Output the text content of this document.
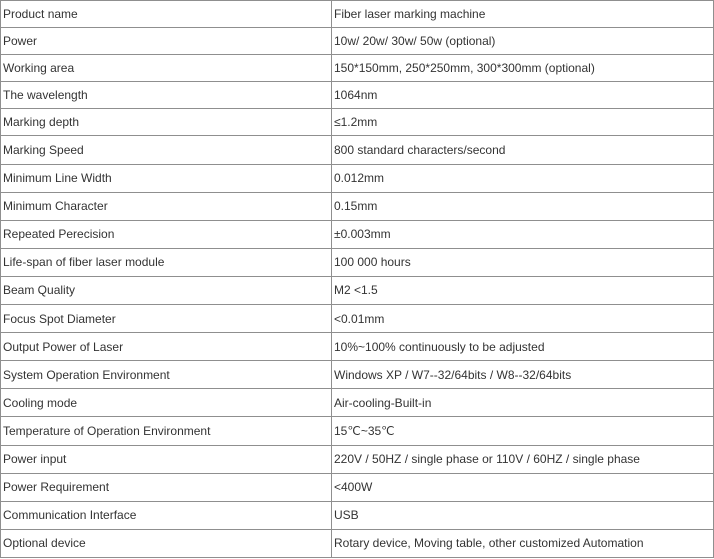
Product name	Fiber laser marking machine
Power	10w/ 20w/ 30w/ 50w (optional)
Working area	150*150mm, 250*250mm, 300*300mm (optional)
The wavelength	1064nm
Marking depth	≤1.2mm
Marking Speed	800 standard characters/second
Minimum Line Width	0.012mm
Minimum Character	0.15mm
Repeated Perecision	±0.003mm
Life-span of fiber laser module	100 000 hours
Beam Quality	M2 <1.5
Focus Spot Diameter	<0.01mm
Output Power of Laser	10%~100% continuously to be adjusted
System Operation Environment	Windows XP / W7--32/64bits / W8--32/64bits
Cooling mode	Air-cooling-Built-in
Temperature of Operation Environment	15℃~35℃
Power input	220V / 50HZ / single phase or 110V / 60HZ / single phase
Power Requirement	<400W
Communication Interface	USB
Optional device	Rotary device, Moving table, other customized Automation
